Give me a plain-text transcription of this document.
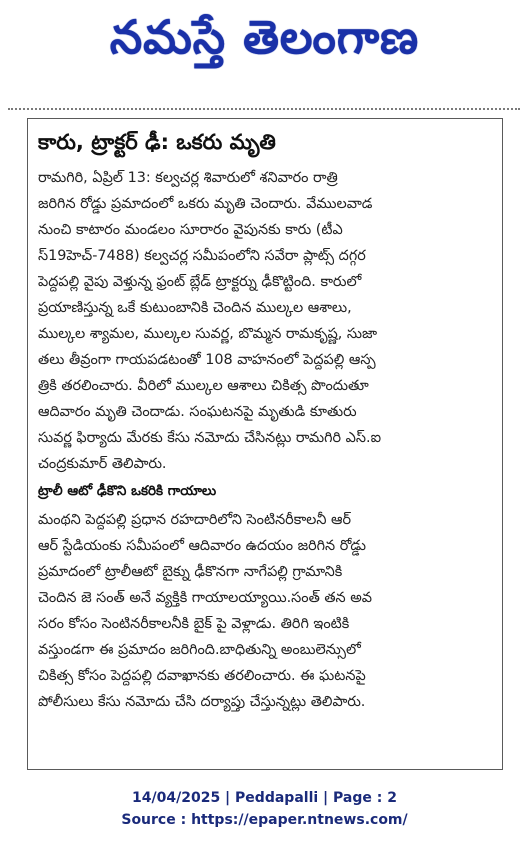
నమస్తే తెలంగాణ
కారు, ట్రాక్టర్ ఢీ: ఒకరు మృతి
రామగిరి, ఏప్రిల్ 13: కల్వచర్ల శివారులో శనివారం రాత్రి
జరిగిన రోడ్డు ప్రమాదంలో ఒకరు మృతి చెందారు. వేములవాడ
నుంచి కాటారం మండలం సూరారం వైపునకు కారు (టీఎ
స్19హెచ్-7488) కల్వచర్ల సమీపంలోని సవేరా ప్లాట్స్ దగ్గర
పెద్దపల్లి వైపు వెళ్తున్న ఫ్రంట్ బ్లేడ్ ట్రాక్టర్ను ఢీకొట్టింది. కారులో
ప్రయాణిస్తున్న ఒకే కుటుంబానికి చెందిన ముల్కల ఆశాలు,
ముల్కల శ్యామల, ముల్కల సువర్ణ, బొమ్మన రామకృష్ణ, సుజా
తలు తీవ్రంగా గాయపడటంతో 108 వాహనంలో పెద్దపల్లి ఆస్ప
త్రికి తరలించారు. వీరిలో ముల్కల ఆశాలు చికిత్స పొందుతూ
ఆదివారం మృతి చెందాడు. సంఘటనపై మృతుడి కూతురు
సువర్ణ ఫిర్యాదు మేరకు కేసు నమోదు చేసినట్లు రామగిరి ఎస్.ఐ
చంద్రకుమార్ తెలిపారు.
ట్రాలీ ఆటో ఢీకొని ఒకరికి గాయాలు
మంథని పెద్దపల్లి ప్రధాన రహదారిలోని సెంటినరీకాలనీ ఆర్
ఆర్ స్టేడియంకు సమీపంలో ఆదివారం ఉదయం జరిగిన రోడ్డు
ప్రమాదంలో ట్రాలీఆటో బైక్ను ఢీకొనగా నాగేపల్లి గ్రామానికి
చెందిన జె సంత్ అనే వ్యక్తికి గాయాలయ్యాయి.సంత్ తన అవ
సరం కోసం సెంటినరీకాలనీకి బైక్ పై వెళ్లాడు. తిరిగి ఇంటికి
వస్తుండగా ఈ ప్రమాదం జరిగింది.బాధితున్ని అంబులెన్సులో
చికిత్స కోసం పెద్దపల్లి దవాఖానకు తరలించారు. ఈ ఘటనపై
పోలీసులు కేసు నమోదు చేసి దర్యాప్తు చేస్తున్నట్లు తెలిపారు.
14/04/2025 | Peddapalli | Page : 2
Source : https://epaper.ntnews.com/
